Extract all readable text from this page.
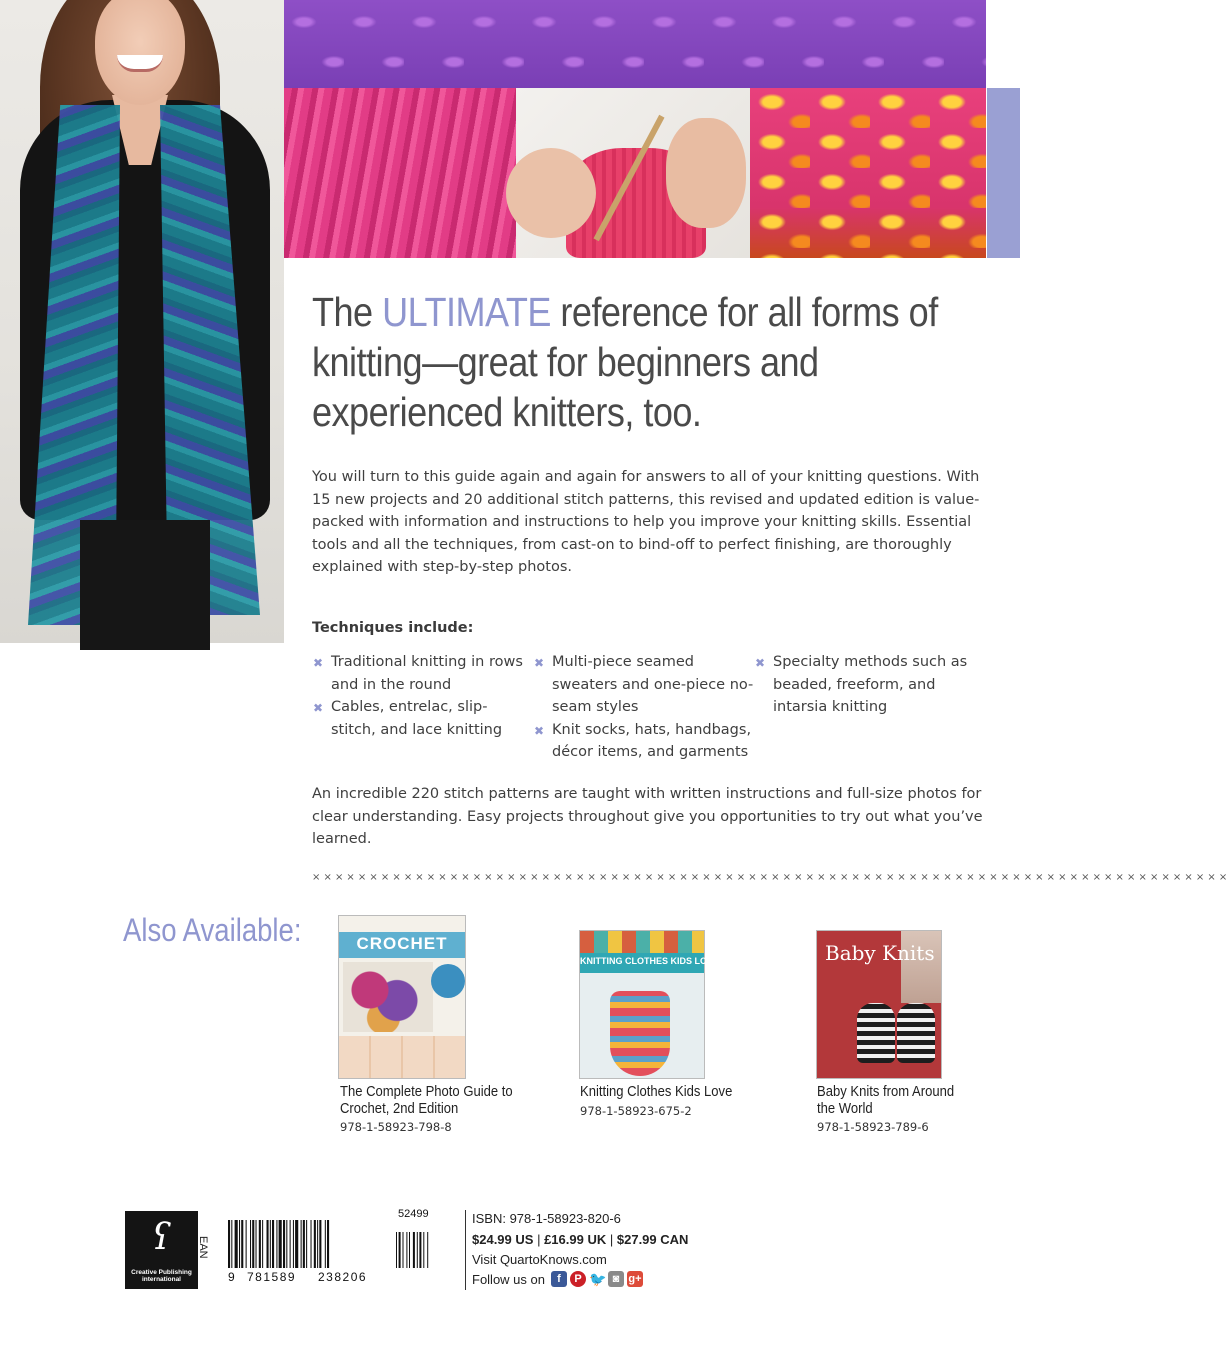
The ULTIMATE reference for all forms of knitting—great for beginners and experienced knitters, too.
You will turn to this guide again and again for answers to all of your knitting questions. With 15 new projects and 20 additional stitch patterns, this revised and updated edition is value-packed with information and instructions to help you improve your knitting skills. Essential tools and all the techniques, from cast-on to bind-off to perfect finishing, are thoroughly explained with step-by-step photos.
Techniques include:
✖ Traditional knitting in rows and in the round
✖ Cables, entrelac, slip-stitch, and lace knitting
✖ Multi-piece seamed sweaters and one-piece no-seam styles
✖ Knit socks, hats, handbags, décor items, and garments
✖ Specialty methods such as beaded, freeform, and intarsia knitting
An incredible 220 stitch patterns are taught with written instructions and full-size photos for clear understanding. Easy projects throughout give you opportunities to try out what you’ve learned.
××××××××××××××××××××××××××××××××××××××××××××××××××××××××××××××××××××××××××××××××
Also Available:	CROCHET
The Complete Photo Guide to Crochet, 2nd Edition
978-1-58923-798-8
KNITTING CLOTHES KIDS LOVE
Knitting Clothes Kids Love
978-1-58923-675-2
Baby Knits
Baby Knits from Around the World
978-1-58923-789-6
ʕ
Creative Publishing international
EAN
9 781589 238206
52499	ISBN: 978-1-58923-820-6
$24.99 US | £16.99 UK | $27.99 CAN
Visit QuartoKnows.com
Follow us on	f	P 🐦 ◙ g+
